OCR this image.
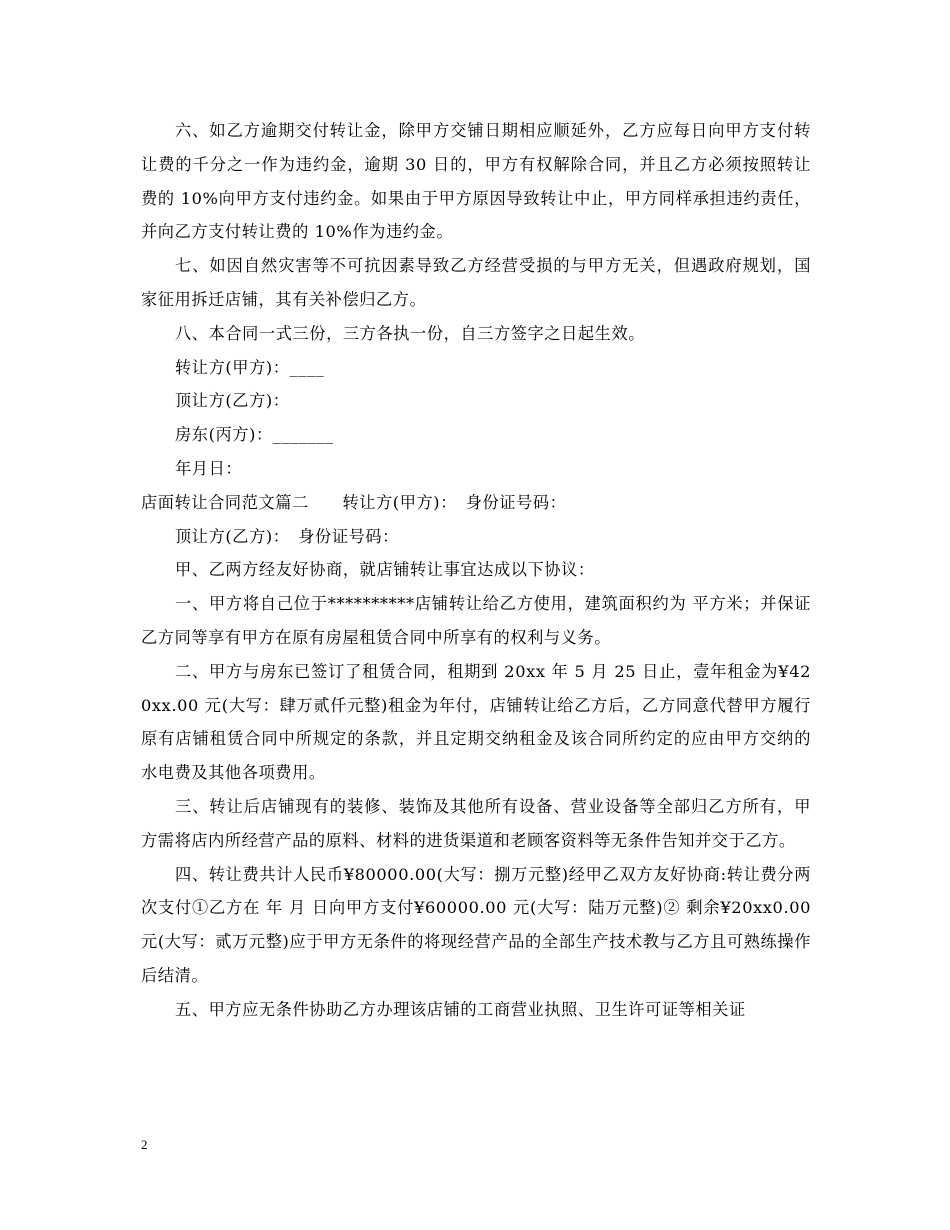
六、如乙方逾期交付转让金，除甲方交铺日期相应顺延外，乙方应每日向甲方支付转让费的千分之一作为违约金，逾期 30 日的，甲方有权解除合同，并且乙方必须按照转让费的 10%向甲方支付违约金。如果由于甲方原因导致转让中止，甲方同样承担违约责任，并向乙方支付转让费的 10%作为违约金。

七、如因自然灾害等不可抗因素导致乙方经营受损的与甲方无关，但遇政府规划，国家征用拆迁店铺，其有关补偿归乙方。

八、本合同一式三份，三方各执一份，自三方签字之日起生效。

转让方(甲方)：____

顶让方(乙方)：

房东(丙方)：_______

年月日：

店面转让合同范文篇二　　转让方(甲方)：　身份证号码：

顶让方(乙方)：　身份证号码：

甲、乙两方经友好协商，就店铺转让事宜达成以下协议：

一、甲方将自己位于**********店铺转让给乙方使用，建筑面积约为 平方米；并保证乙方同等享有甲方在原有房屋租赁合同中所享有的权利与义务。

二、甲方与房东已签订了租赁合同，租期到 20xx 年 5 月 25 日止，壹年租金为¥420xx.00 元(大写：肆万贰仟元整)租金为年付，店铺转让给乙方后，乙方同意代替甲方履行原有店铺租赁合同中所规定的条款，并且定期交纳租金及该合同所约定的应由甲方交纳的水电费及其他各项费用。

三、转让后店铺现有的装修、装饰及其他所有设备、营业设备等全部归乙方所有，甲方需将店内所经营产品的原料、材料的进货渠道和老顾客资料等无条件告知并交于乙方。

四、转让费共计人民币¥80000.00(大写：捌万元整)经甲乙双方友好协商:转让费分两次支付①乙方在 年 月 日向甲方支付¥60000.00 元(大写：陆万元整)② 剩余¥20xx0.00 元(大写：贰万元整)应于甲方无条件的将现经营产品的全部生产技术教与乙方且可熟练操作后结清。

五、甲方应无条件协助乙方办理该店铺的工商营业执照、卫生许可证等相关证

2
